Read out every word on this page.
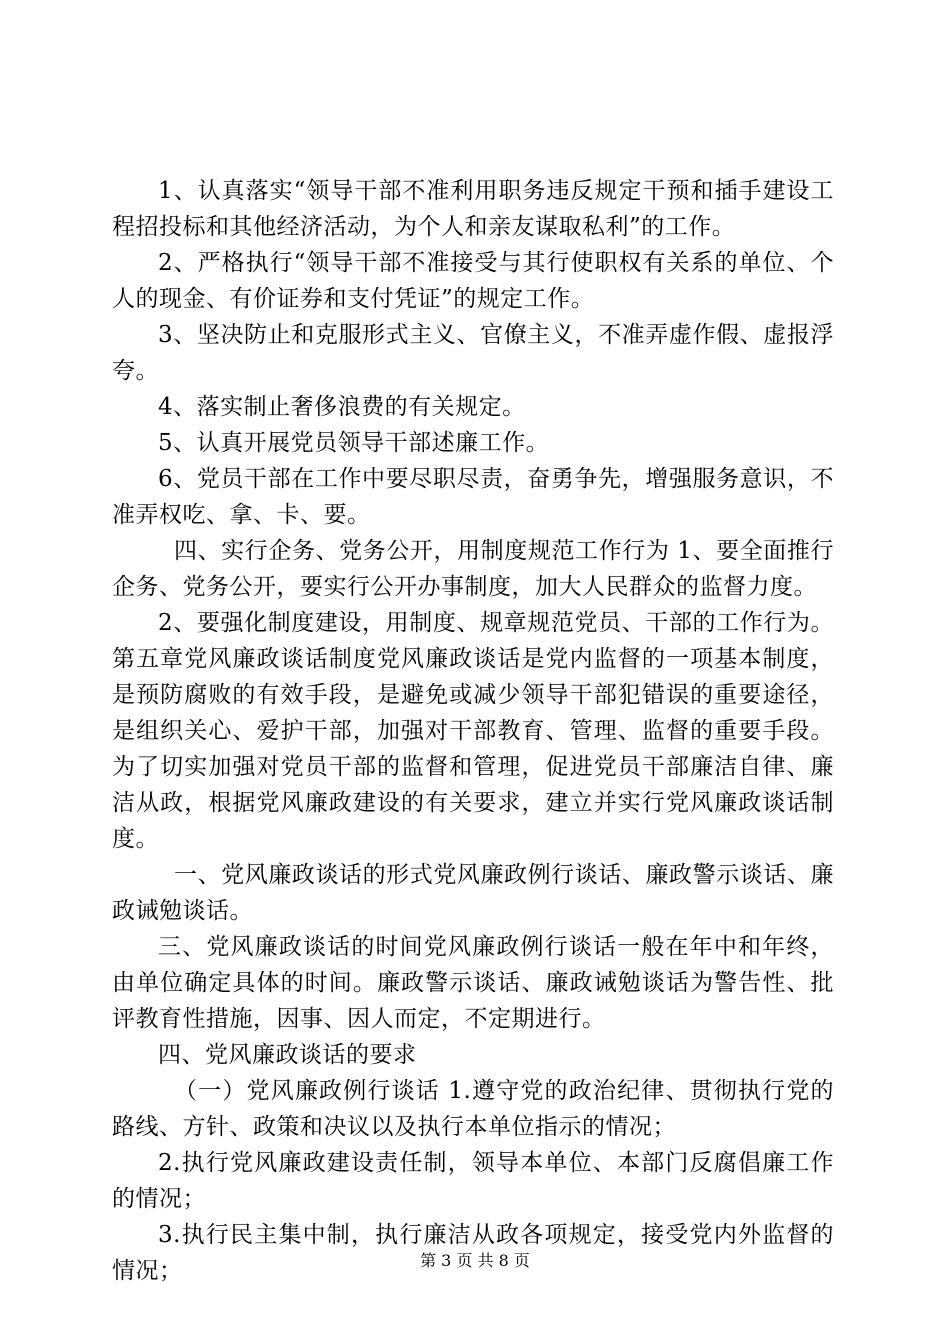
1、认真落实“领导干部不准利用职务违反规定干预和插手建设工程招投标和其他经济活动，为个人和亲友谋取私利”的工作。

2、严格执行“领导干部不准接受与其行使职权有关系的单位、个人的现金、有价证券和支付凭证”的规定工作。

3、坚决防止和克服形式主义、官僚主义，不准弄虚作假、虚报浮夸。

4、落实制止奢侈浪费的有关规定。

5、认真开展党员领导干部述廉工作。

6、党员干部在工作中要尽职尽责，奋勇争先，增强服务意识，不准弄权吃、拿、卡、要。

四、实行企务、党务公开，用制度规范工作行为 1、要全面推行企务、党务公开，要实行公开办事制度，加大人民群众的监督力度。

2、要强化制度建设，用制度、规章规范党员、干部的工作行为。第五章党风廉政谈话制度党风廉政谈话是党内监督的一项基本制度，是预防腐败的有效手段，是避免或减少领导干部犯错误的重要途径，是组织关心、爱护干部，加强对干部教育、管理、监督的重要手段。为了切实加强对党员干部的监督和管理，促进党员干部廉洁自律、廉洁从政，根据党风廉政建设的有关要求，建立并实行党风廉政谈话制度。

一、党风廉政谈话的形式党风廉政例行谈话、廉政警示谈话、廉政诫勉谈话。

三、党风廉政谈话的时间党风廉政例行谈话一般在年中和年终，由单位确定具体的时间。廉政警示谈话、廉政诫勉谈话为警告性、批评教育性措施，因事、因人而定，不定期进行。

四、党风廉政谈话的要求

（一）党风廉政例行谈话 1.遵守党的政治纪律、贯彻执行党的路线、方针、政策和决议以及执行本单位指示的情况；

2.执行党风廉政建设责任制，领导本单位、本部门反腐倡廉工作的情况；

3.执行民主集中制，执行廉洁从政各项规定，接受党内外监督的情况；	第 3 页 共 8 页
